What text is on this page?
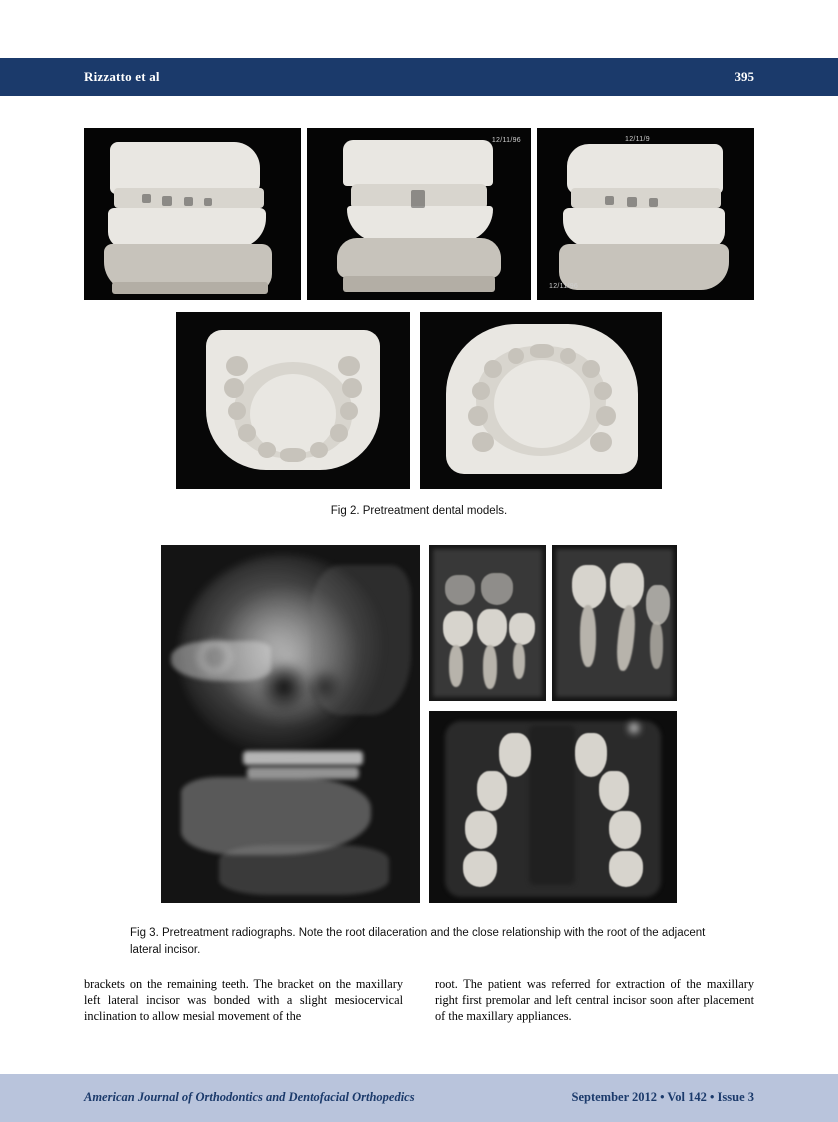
Rizzatto et al	395
12/11/96	12/11/9
12/11/96
Fig 2. Pretreatment dental models.
Fig 3. Pretreatment radiographs. Note the root dilaceration and the close relationship with the root of the adjacent lateral incisor.
brackets on the remaining teeth. The bracket on the maxillary left lateral incisor was bonded with a slight mesiocervical inclination to allow mesial movement of the
root. The patient was referred for extraction of the maxillary right first premolar and left central incisor soon after placement of the maxillary appliances.
American Journal of Orthodontics and Dentofacial Orthopedics	September 2012 • Vol 142 • Issue 3
